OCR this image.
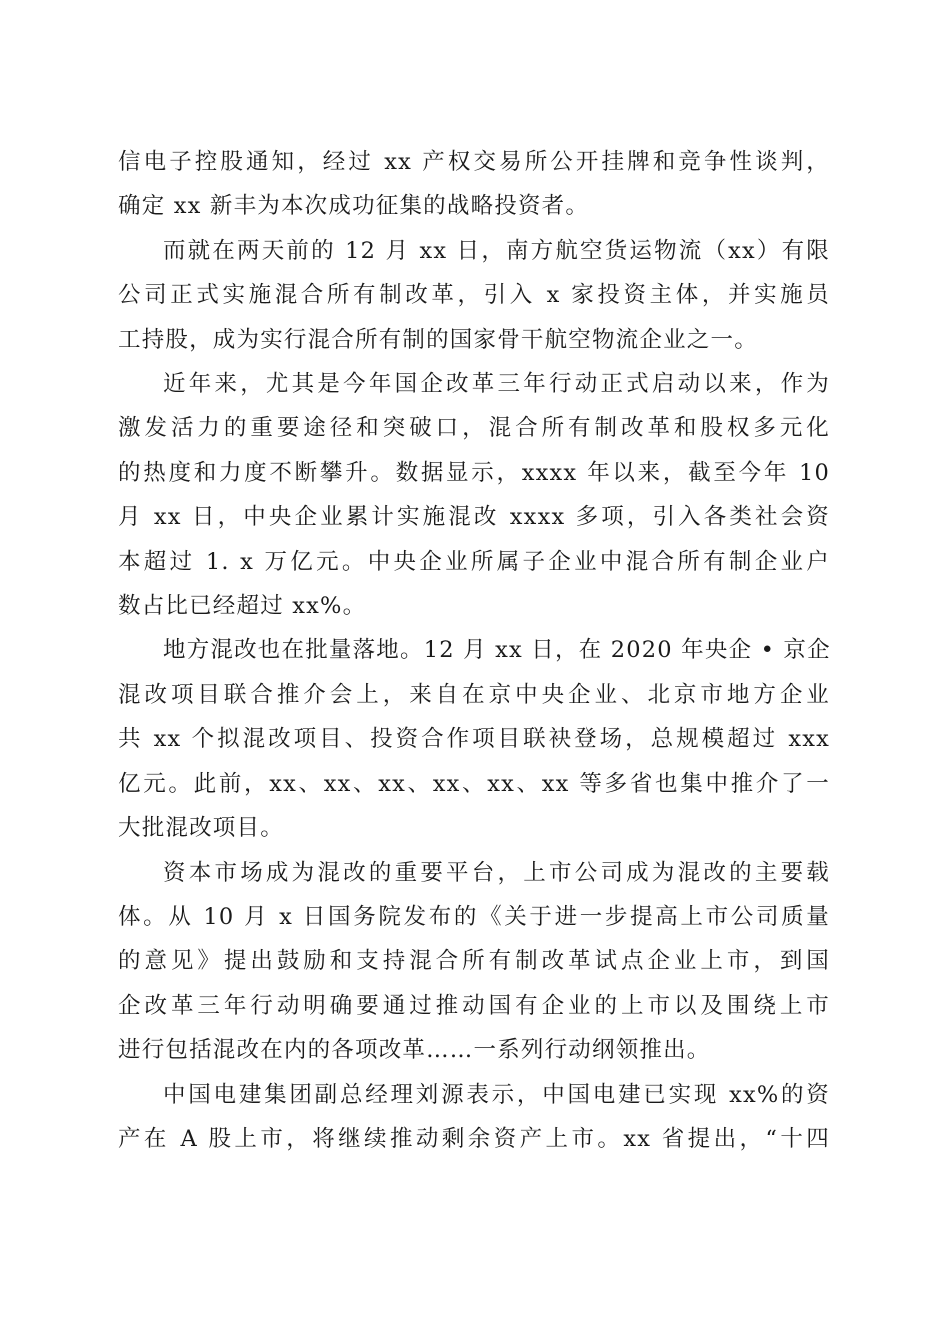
信电子控股通知，经过 xx 产权交易所公开挂牌和竞争性谈判，
确定 xx 新丰为本次成功征集的战略投资者。
而就在两天前的 12 月 xx 日，南方航空货运物流（xx）有限
公司正式实施混合所有制改革，引入 x 家投资主体，并实施员
工持股，成为实行混合所有制的国家骨干航空物流企业之一。
近年来，尤其是今年国企改革三年行动正式启动以来，作为
激发活力的重要途径和突破口，混合所有制改革和股权多元化
的热度和力度不断攀升。数据显示，xxxx 年以来，截至今年 10
月 xx 日，中央企业累计实施混改 xxxx 多项，引入各类社会资
本超过 1. x 万亿元。中央企业所属子企业中混合所有制企业户
数占比已经超过 xx%。
地方混改也在批量落地。12 月 xx 日，在 2020 年央企 • 京企
混改项目联合推介会上，来自在京中央企业、北京市地方企业
共 xx 个拟混改项目、投资合作项目联袂登场，总规模超过 xxx
亿元。此前，xx、xx、xx、xx、xx、xx 等多省也集中推介了一
大批混改项目。
资本市场成为混改的重要平台，上市公司成为混改的主要载
体。从 10 月 x 日国务院发布的《关于进一步提高上市公司质量
的意见》提出鼓励和支持混合所有制改革试点企业上市，到国
企改革三年行动明确要通过推动国有企业的上市以及围绕上市
进行包括混改在内的各项改革……一系列行动纲领推出。
中国电建集团副总经理刘源表示，中国电建已实现 xx%的资
产在 A 股上市，将继续推动剩余资产上市。xx 省提出，“十四
